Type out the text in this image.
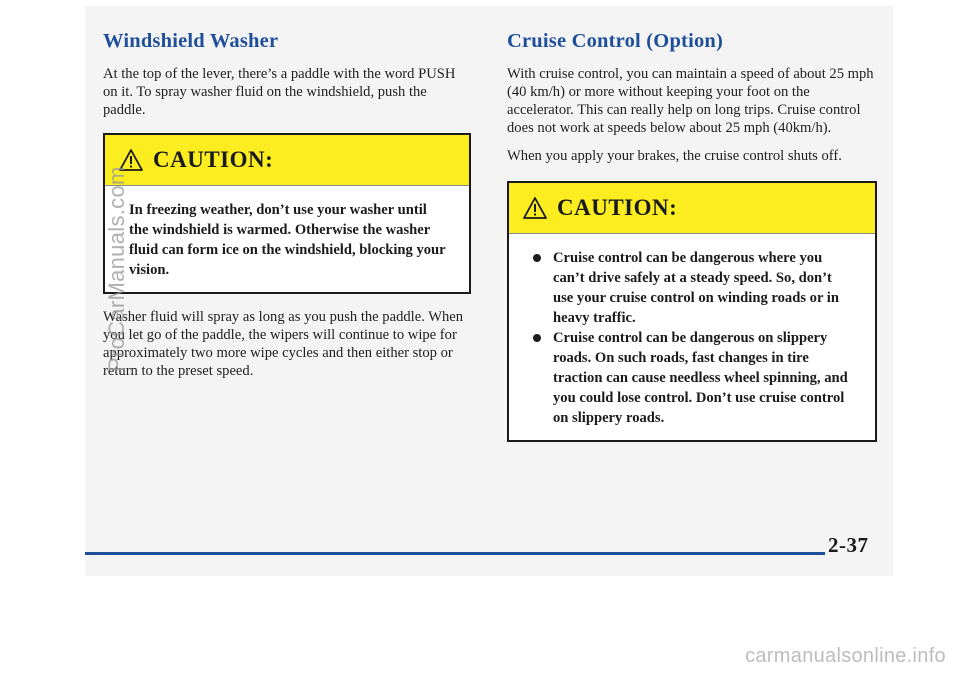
Windshield Washer

At the top of the lever, there’s a paddle with the word PUSH on it. To spray washer fluid on the windshield, push the paddle.

CAUTION:
In freezing weather, don’t use your washer until the windshield is warmed. Otherwise the washer fluid can form ice on the windshield, blocking your vision.

Washer fluid will spray as long as you push the paddle. When you let go of the paddle, the wipers will continue to wipe for approximately two more wipe cycles and then either stop or return to the preset speed.

Cruise Control (Option)

With cruise control, you can maintain a speed of about 25 mph (40 km/h) or more without keeping your foot on the accelerator. This can really help on long trips. Cruise control does not work at speeds below about 25 mph (40km/h).

When you apply your brakes, the cruise control shuts off.

CAUTION:
Cruise control can be dangerous where you can’t drive safely at a steady speed. So, don’t use your cruise control on winding roads or in heavy traffic.
Cruise control can be dangerous on slippery roads. On such roads, fast changes in tire traction can cause needless wheel spinning, and you could lose control. Don’t use cruise control on slippery roads.
2-37
ProCarManuals.com
carmanualsonline.info
